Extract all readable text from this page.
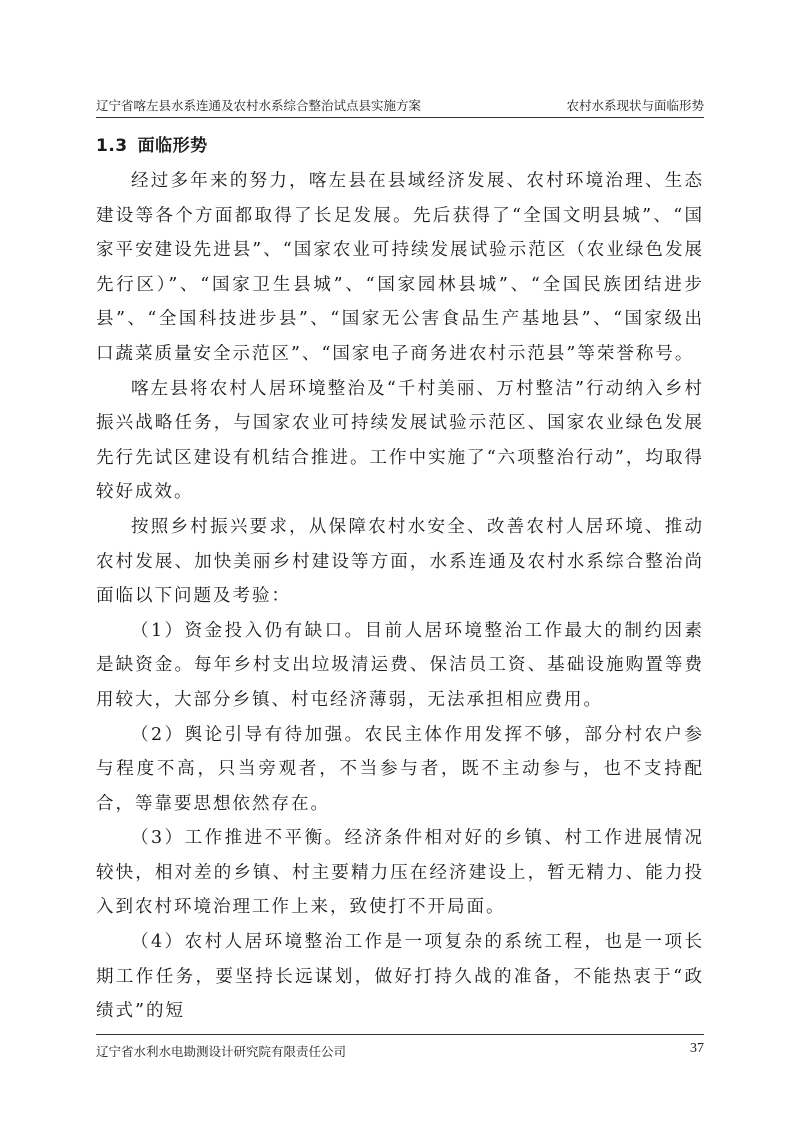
辽宁省喀左县水系连通及农村水系综合整治试点县实施方案	农村水系现状与面临形势
1.3 面临形势

经过多年来的努力，喀左县在县域经济发展、农村环境治理、生态建设等各个方面都取得了长足发展。先后获得了“全国文明县城”、“国家平安建设先进县”、“国家农业可持续发展试验示范区（农业绿色发展先行区）”、“国家卫生县城”、“国家园林县城”、“全国民族团结进步县”、“全国科技进步县”、“国家无公害食品生产基地县”、“国家级出口蔬菜质量安全示范区”、“国家电子商务进农村示范县”等荣誉称号。

喀左县将农村人居环境整治及“千村美丽、万村整洁”行动纳入乡村振兴战略任务，与国家农业可持续发展试验示范区、国家农业绿色发展先行先试区建设有机结合推进。工作中实施了“六项整治行动”，均取得较好成效。

按照乡村振兴要求，从保障农村水安全、改善农村人居环境、推动农村发展、加快美丽乡村建设等方面，水系连通及农村水系综合整治尚面临以下问题及考验：

（1）资金投入仍有缺口。目前人居环境整治工作最大的制约因素是缺资金。每年乡村支出垃圾清运费、保洁员工资、基础设施购置等费用较大，大部分乡镇、村屯经济薄弱，无法承担相应费用。

（2）舆论引导有待加强。农民主体作用发挥不够，部分村农户参与程度不高，只当旁观者，不当参与者，既不主动参与，也不支持配合，等靠要思想依然存在。

（3）工作推进不平衡。经济条件相对好的乡镇、村工作进展情况较快，相对差的乡镇、村主要精力压在经济建设上，暂无精力、能力投入到农村环境治理工作上来，致使打不开局面。

（4）农村人居环境整治工作是一项复杂的系统工程，也是一项长期工作任务，要坚持长远谋划，做好打持久战的准备，不能热衷于“政绩式”的短

辽宁省水利水电勘测设计研究院有限责任公司	37
